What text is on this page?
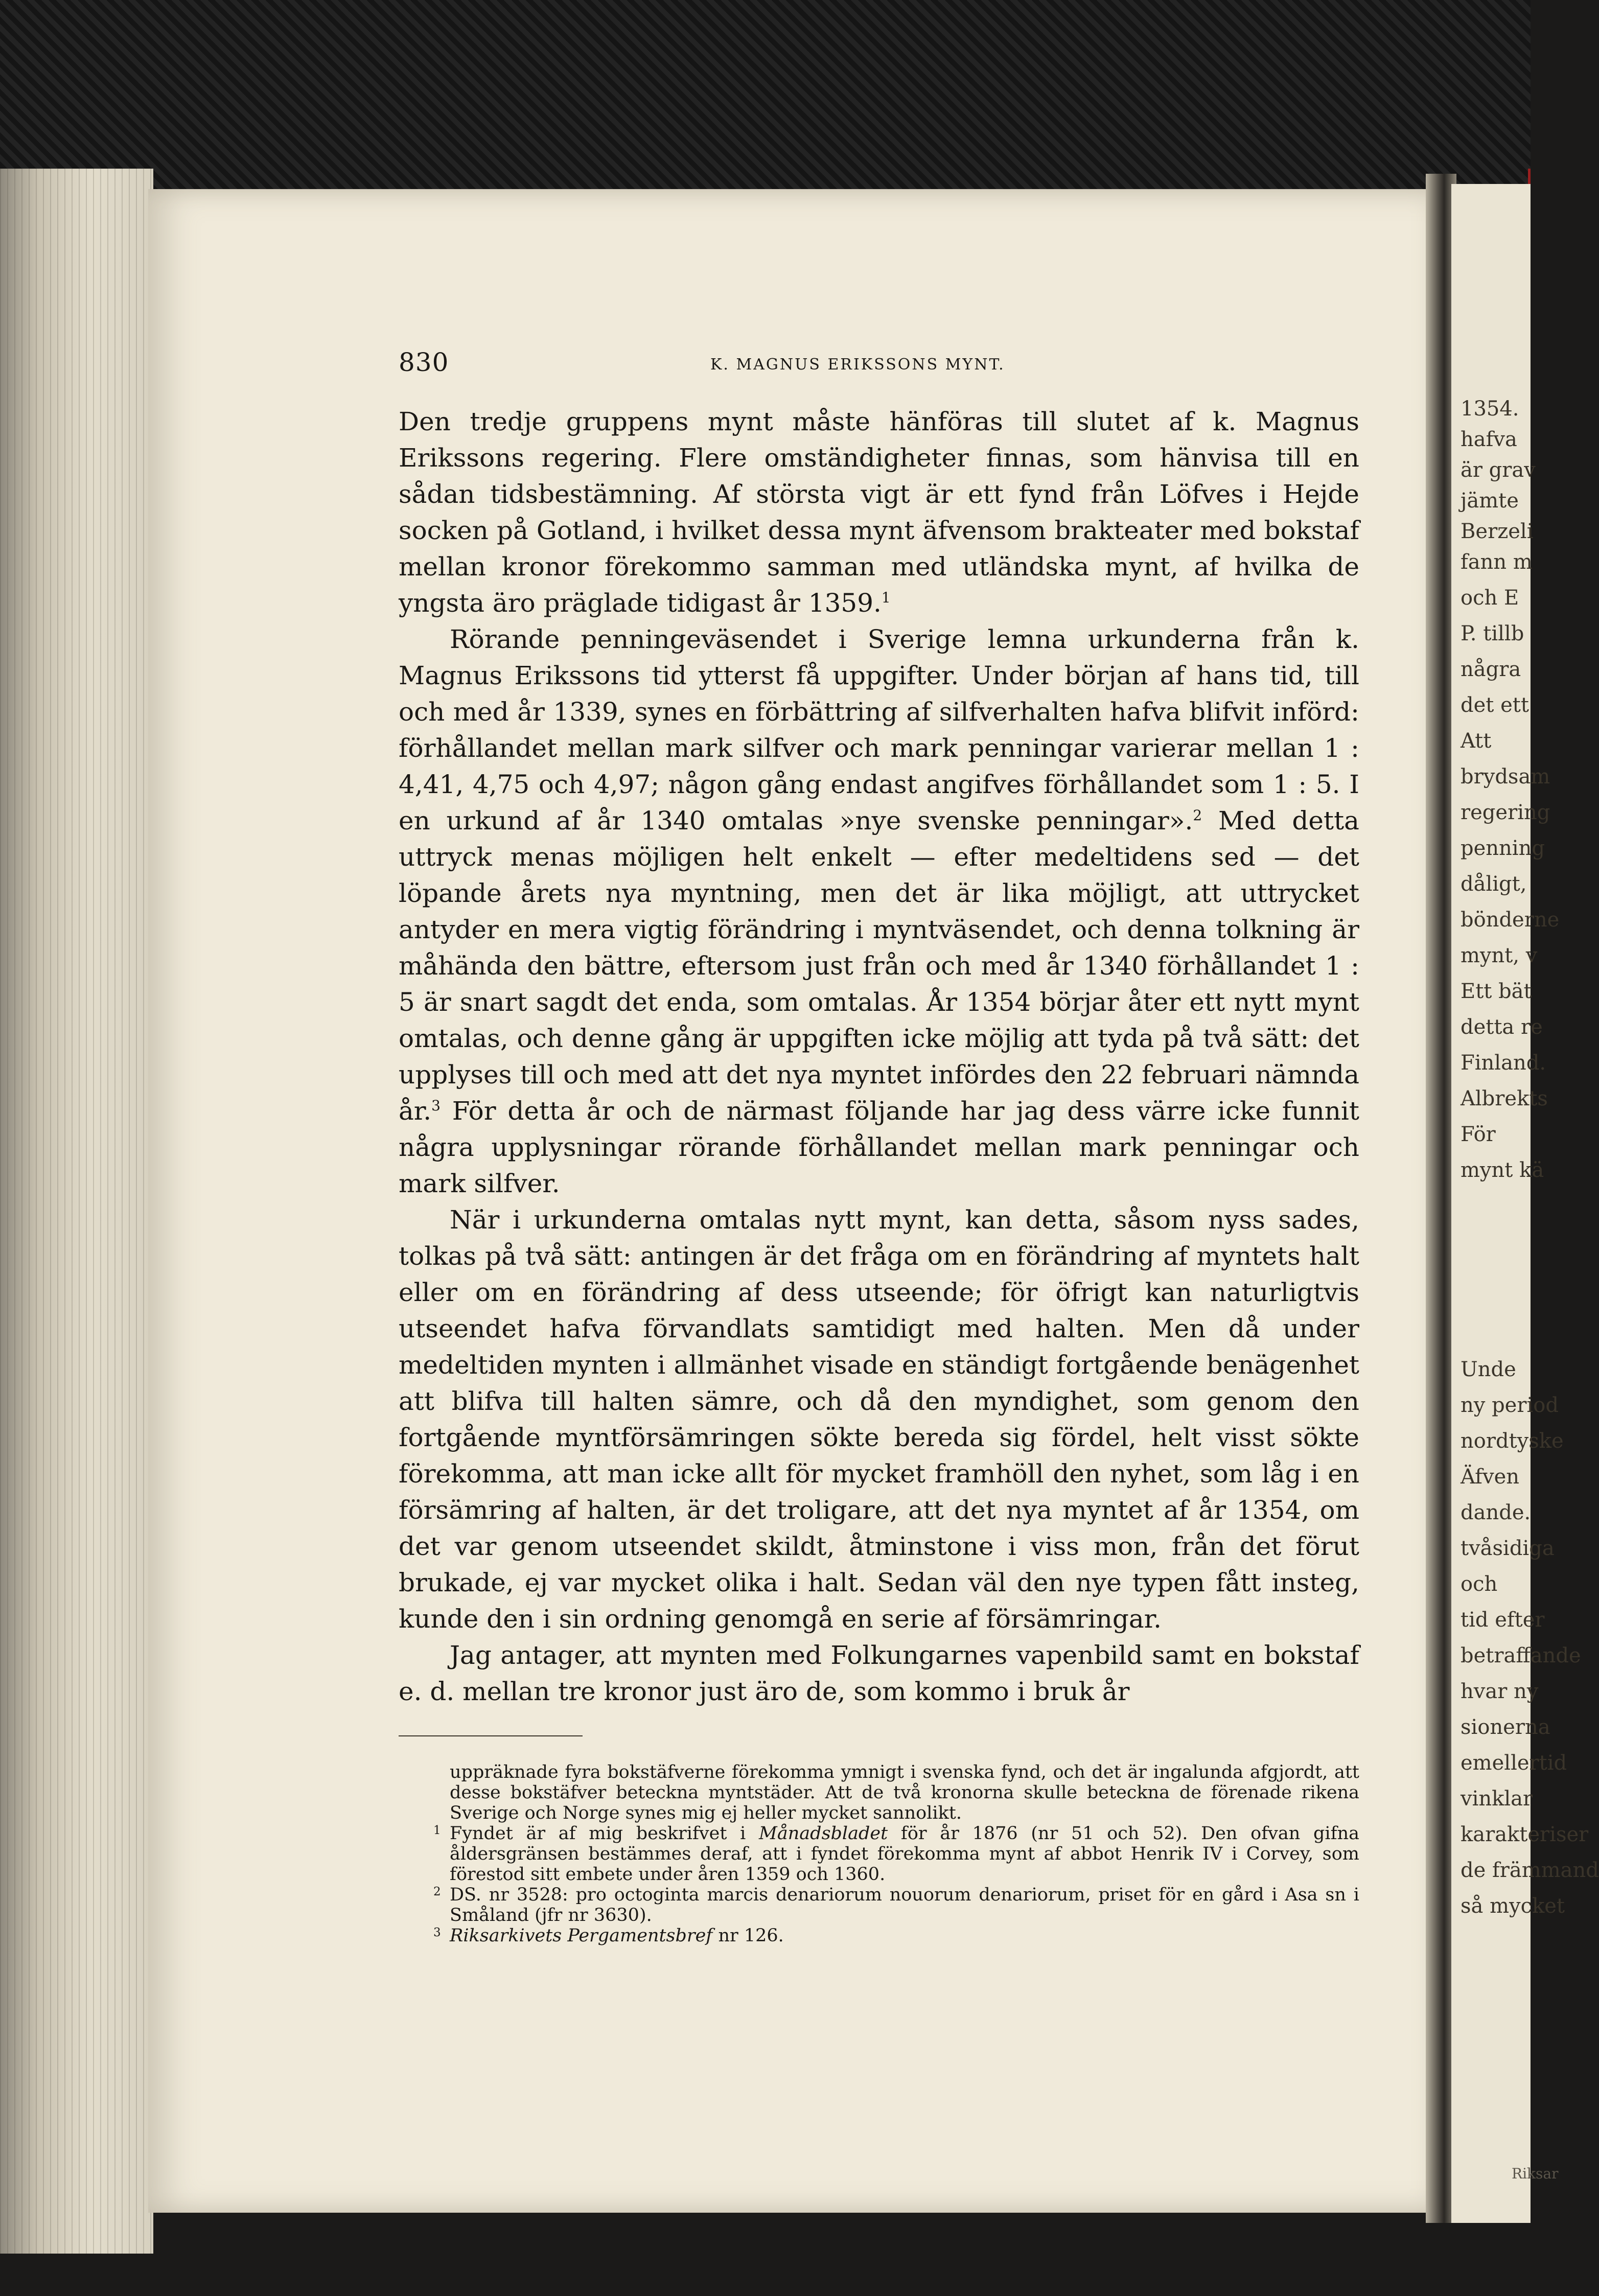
1354.
hafva
är grav
jämte
Berzeli
fann m
och E
P. tillb
några
det ett
Att
brydsam
regering
penning
dåligt,
bönderne
mynt, v
Ett bät
detta re
Finland.
Albrekts
För
mynt kä
Unde
ny period
nordtyske
Äfven
dande.
tvåsidiga
och
tid efter
betraffande
hvar ny
sionerna
emellertid
vinklar
karakteriser
de främmand
så mycket
Riksar
830	K. MAGNUS ERIKSSONS MYNT.

Den tredje gruppens mynt måste hänföras till slutet af k. Magnus Erikssons regering. Flere omständigheter finnas, som hänvisa till en sådan tidsbestämning. Af största vigt är ett fynd från Löfves i Hejde socken på Gotland, i hvilket dessa mynt äfvensom brakteater med bokstaf mellan kronor förekommo samman med utländska mynt, af hvilka de yngsta äro präglade tidigast år 1359.$^1$

Rörande penningeväsendet i Sverige lemna urkunderna från k. Magnus Erikssons tid ytterst få uppgifter. Under början af hans tid, till och med år 1339, synes en förbättring af silfverhalten hafva blifvit införd: förhållandet mellan mark silfver och mark penningar varierar mellan 1 : 4,41, 4,75 och 4,97; någon gång endast angifves förhållandet som 1 : 5. I en urkund af år 1340 omtalas »nye svenske penningar».$^2$ Med detta uttryck menas möjligen helt enkelt — efter medeltidens sed — det löpande årets nya myntning, men det är lika möjligt, att uttrycket antyder en mera vigtig förändring i myntväsendet, och denna tolkning är måhända den bättre, eftersom just från och med år 1340 förhållandet 1 : 5 är snart sagdt det enda, som omtalas. År 1354 börjar åter ett nytt mynt omtalas, och denne gång är uppgiften icke möjlig att tyda på två sätt: det upplyses till och med att det nya myntet infördes den 22 februari nämnda år.$^3$ För detta år och de närmast följande har jag dess värre icke funnit några upplysningar rörande förhållandet mellan mark penningar och mark silfver.

När i urkunderna omtalas nytt mynt, kan detta, såsom nyss sades, tolkas på två sätt: antingen är det fråga om en förändring af myntets halt eller om en förändring af dess utseende; för öfrigt kan naturligtvis utseendet hafva förvandlats samtidigt med halten. Men då under medeltiden mynten i allmänhet visade en ständigt fortgående benägenhet att blifva till halten sämre, och då den myndighet, som genom den fortgående myntförsämringen sökte bereda sig fördel, helt visst sökte förekomma, att man icke allt för mycket framhöll den nyhet, som låg i en försämring af halten, är det troligare, att det nya myntet af år 1354, om det var genom utseendet skildt, åtminstone i viss mon, från det förut brukade, ej var mycket olika i halt. Sedan väl den nye typen fått insteg, kunde den i sin ordning genomgå en serie af försämringar.

Jag antager, att mynten med Folkungarnes vapenbild samt en bokstaf e. d. mellan tre kronor just äro de, som kommo i bruk år

uppräknade fyra bokstäfverne förekomma ymnigt i svenska fynd, och det är ingalunda afgjordt, att desse bokstäfver beteckna myntstäder. Att de två kronorna skulle beteckna de förenade rikena Sverige och Norge synes mig ej heller mycket sannolikt.
1 Fyndet är af mig beskrifvet i Månadsbladet för år 1876 (nr 51 och 52). Den ofvan gifna åldersgränsen bestämmes deraf, att i fyndet förekomma mynt af abbot Henrik IV i Corvey, som förestod sitt embete under åren 1359 och 1360.
2 DS. nr 3528: pro octoginta marcis denariorum nouorum denariorum, priset för en gård i Asa sn i Småland (jfr nr 3630).
3 Riksarkivets Pergamentsbref nr 126.
